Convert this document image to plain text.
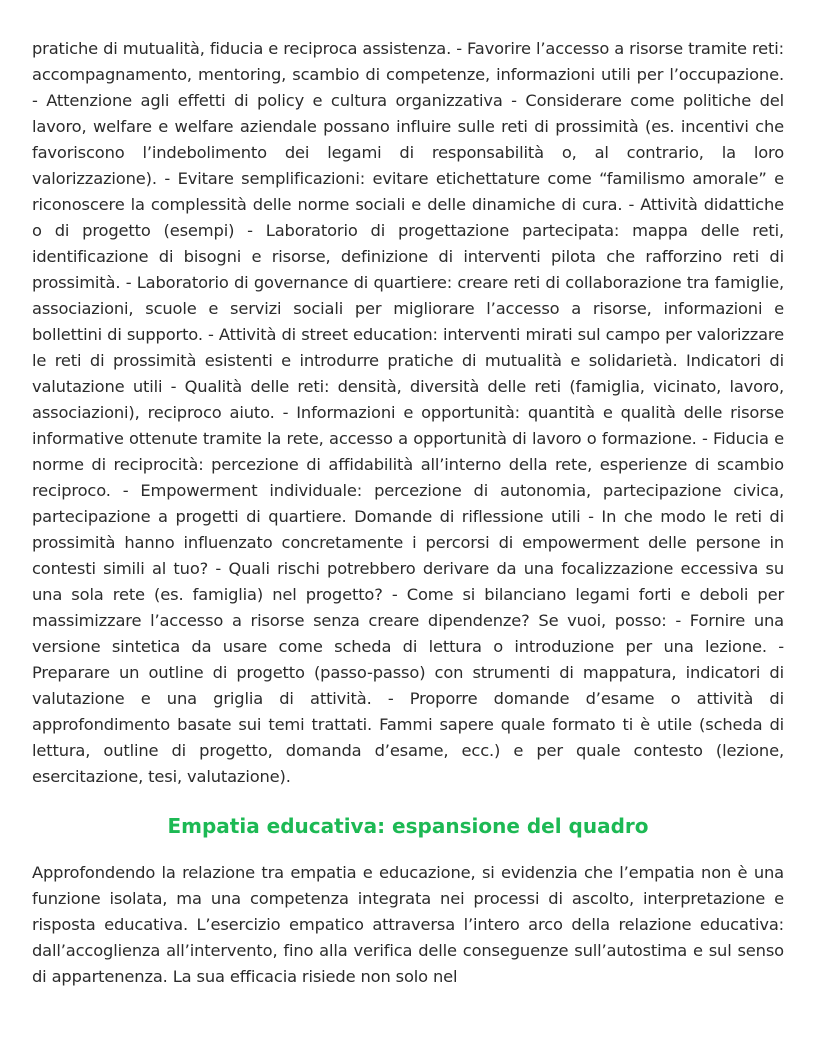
pratiche di mutualità, fiducia e reciproca assistenza. - Favorire l’accesso a risorse tramite reti: accompagnamento, mentoring, scambio di competenze, informazioni utili per l’occupazione. - Attenzione agli effetti di policy e cultura organizzativa - Considerare come politiche del lavoro, welfare e welfare aziendale possano influire sulle reti di prossimità (es. incentivi che favoriscono l’indebolimento dei legami di responsabilità o, al contrario, la loro valorizzazione). - Evitare semplificazioni: evitare etichettature come “familismo amorale” e riconoscere la complessità delle norme sociali e delle dinamiche di cura. - Attività didattiche o di progetto (esempi) - Laboratorio di progettazione partecipata: mappa delle reti, identificazione di bisogni e risorse, definizione di interventi pilota che rafforzino reti di prossimità. - Laboratorio di governance di quartiere: creare reti di collaborazione tra famiglie, associazioni, scuole e servizi sociali per migliorare l’accesso a risorse, informazioni e bollettini di supporto. - Attività di street education: interventi mirati sul campo per valorizzare le reti di prossimità esistenti e introdurre pratiche di mutualità e solidarietà. Indicatori di valutazione utili - Qualità delle reti: densità, diversità delle reti (famiglia, vicinato, lavoro, associazioni), reciproco aiuto. - Informazioni e opportunità: quantità e qualità delle risorse informative ottenute tramite la rete, accesso a opportunità di lavoro o formazione. - Fiducia e norme di reciprocità: percezione di affidabilità all’interno della rete, esperienze di scambio reciproco. - Empowerment individuale: percezione di autonomia, partecipazione civica, partecipazione a progetti di quartiere. Domande di riflessione utili - In che modo le reti di prossimità hanno influenzato concretamente i percorsi di empowerment delle persone in contesti simili al tuo? - Quali rischi potrebbero derivare da una focalizzazione eccessiva su una sola rete (es. famiglia) nel progetto? - Come si bilanciano legami forti e deboli per massimizzare l’accesso a risorse senza creare dipendenze? Se vuoi, posso: - Fornire una versione sintetica da usare come scheda di lettura o introduzione per una lezione. - Preparare un outline di progetto (passo-passo) con strumenti di mappatura, indicatori di valutazione e una griglia di attività. - Proporre domande d’esame o attività di approfondimento basate sui temi trattati. Fammi sapere quale formato ti è utile (scheda di lettura, outline di progetto, domanda d’esame, ecc.) e per quale contesto (lezione, esercitazione, tesi, valutazione).

Empatia educativa: espansione del quadro

Approfondendo la relazione tra empatia e educazione, si evidenzia che l’empatia non è una funzione isolata, ma una competenza integrata nei processi di ascolto, interpretazione e risposta educativa. L’esercizio empatico attraversa l’intero arco della relazione educativa: dall’accoglienza all’intervento, fino alla verifica delle conseguenze sull’autostima e sul senso di appartenenza. La sua efficacia risiede non solo nel
